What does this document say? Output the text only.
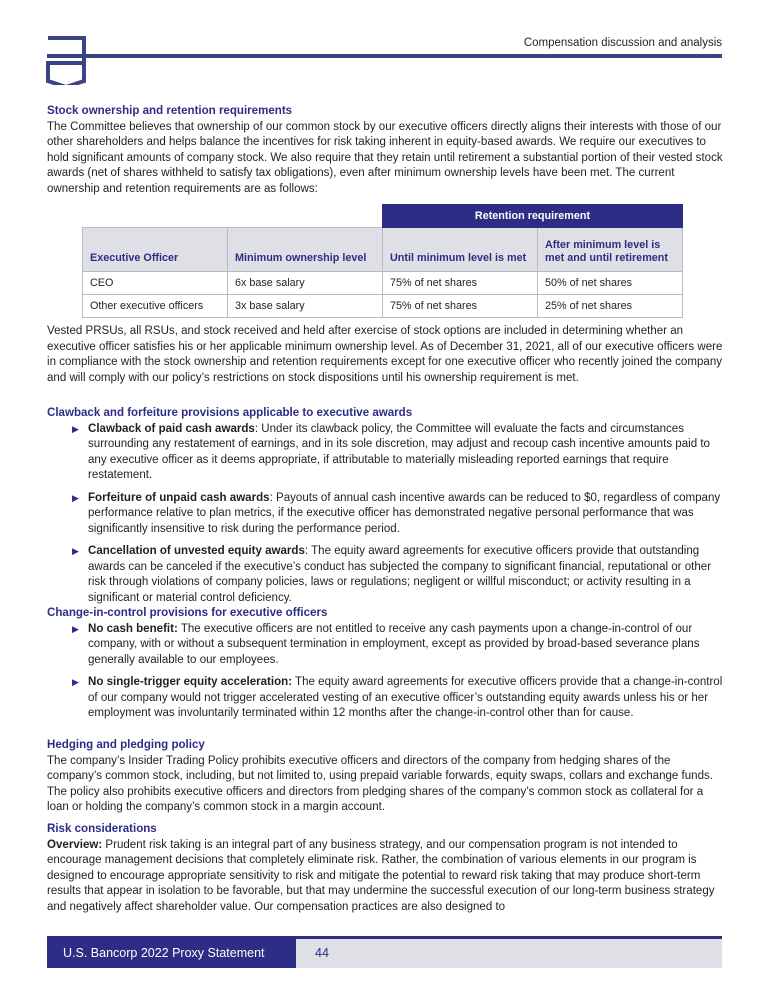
Compensation discussion and analysis
Stock ownership and retention requirements

The Committee believes that ownership of our common stock by our executive officers directly aligns their interests with those of our other shareholders and helps balance the incentives for risk taking inherent in equity-based awards. We require our executives to hold significant amounts of company stock. We also require that they retain until retirement a substantial portion of their vested stock awards (net of shares withheld to satisfy tax obligations), even after minimum ownership levels have been met. The current ownership and retention requirements are as follows:

		Retention requirement	
Executive Officer	Minimum ownership level	Until minimum level is met	After minimum level is met and until retirement
CEO	6x base salary	75% of net shares	50% of net shares
Other executive officers	3x base salary	75% of net shares	25% of net shares

Vested PRSUs, all RSUs, and stock received and held after exercise of stock options are included in determining whether an executive officer satisfies his or her applicable minimum ownership level. As of December 31, 2021, all of our executive officers were in compliance with the stock ownership and retention requirements except for one executive officer who recently joined the company and will comply with our policy’s restrictions on stock dispositions until his ownership requirement is met.

Clawback and forfeiture provisions applicable to executive awards
▶ Clawback of paid cash awards: Under its clawback policy, the Committee will evaluate the facts and circumstances surrounding any restatement of earnings, and in its sole discretion, may adjust and recoup cash incentive amounts paid to any executive officer as it deems appropriate, if attributable to materially misleading reported earnings that require restatement.
▶ Forfeiture of unpaid cash awards: Payouts of annual cash incentive awards can be reduced to $0, regardless of company performance relative to plan metrics, if the executive officer has demonstrated negative personal performance that was significantly insensitive to risk during the performance period.
▶ Cancellation of unvested equity awards: The equity award agreements for executive officers provide that outstanding awards can be canceled if the executive’s conduct has subjected the company to significant financial, reputational or other risk through violations of company policies, laws or regulations; negligent or willful misconduct; or activity resulting in a significant or material control deficiency.
Change-in-control provisions for executive officers
▶ No cash benefit: The executive officers are not entitled to receive any cash payments upon a change-in-control of our company, with or without a subsequent termination in employment, except as provided by broad-based severance plans generally available to our employees.
▶ No single-trigger equity acceleration: The equity award agreements for executive officers provide that a change-in-control of our company would not trigger accelerated vesting of an executive officer’s outstanding equity awards unless his or her employment was involuntarily terminated within 12 months after the change-in-control other than for cause.
Hedging and pledging policy

The company’s Insider Trading Policy prohibits executive officers and directors of the company from hedging shares of the company’s common stock, including, but not limited to, using prepaid variable forwards, equity swaps, collars and exchange funds. The policy also prohibits executive officers and directors from pledging shares of the company’s common stock as collateral for a loan or holding the company’s common stock in a margin account.

Risk considerations

Overview: Prudent risk taking is an integral part of any business strategy, and our compensation program is not intended to encourage management decisions that completely eliminate risk. Rather, the combination of various elements in our program is designed to encourage appropriate sensitivity to risk and mitigate the potential to reward risk taking that may produce short-term results that appear in isolation to be favorable, but that may undermine the successful execution of our long-term business strategy and negatively affect shareholder value. Our compensation practices are also designed to

U.S. Bancorp 2022 Proxy Statement	44
